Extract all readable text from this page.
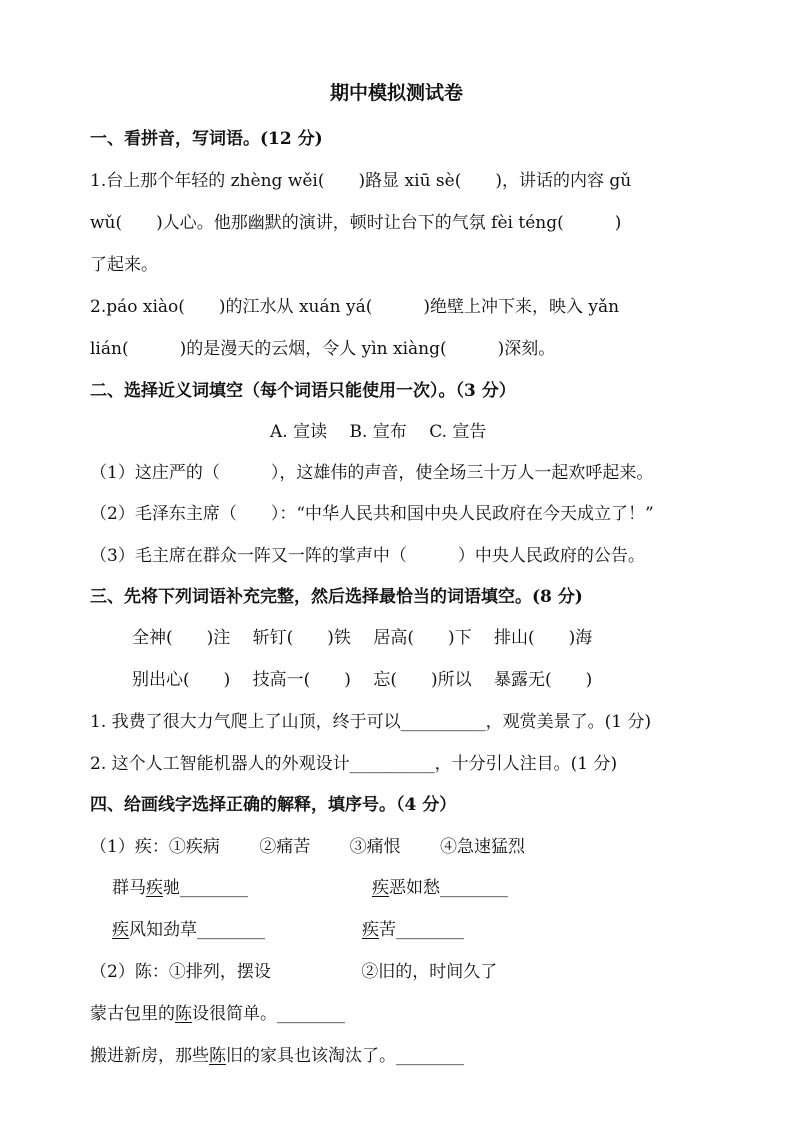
期中模拟测试卷
一、看拼音，写词语。(12 分)
1.台上那个年轻的 zhèng wěi(　　)路显 xiū sè(　　)，讲话的内容 gǔ
wǔ(　　)人心。他那幽默的演讲，顿时让台下的气氛 fèi téng(　　　)
了起来。
2.páo xiào(　　)的江水从 xuán yá(　　　)绝壁上冲下来，映入 yǎn
lián(　　　)的是漫天的云烟，令人 yìn xiàng(　　　)深刻。
二、选择近义词填空（每个词语只能使用一次）。（3 分）
A. 宣读　 B. 宣布　 C. 宣告
（1）这庄严的（　　　），这雄伟的声音，使全场三十万人一起欢呼起来。
（2）毛泽东主席（　　）：“中华人民共和国中央人民政府在今天成立了！”
（3）毛主席在群众一阵又一阵的掌声中（　　　）中央人民政府的公告。
三、先将下列词语补充完整，然后选择最恰当的词语填空。(8 分)
全神(　　)注　 斩钉(　　)铁　 居高(　　)下　 排山(　　)海
别出心(　　)　 技高一(　　)　 忘(　　)所以　 暴露无(　　)
1. 我费了很大力气爬上了山顶，终于可以__________，观赏美景了。(1 分)
2. 这个人工智能机器人的外观设计__________，十分引人注目。(1 分)
四、给画线字选择正确的解释，填序号。（4 分）
（1）疾：①疾病　　 ②痛苦　　 ③痛恨　　 ④急速猛烈
群马疾驰________	疾恶如愁________
疾风知劲草________	疾苦________
（2）陈：①排列，摆设　　　　　 ②旧的，时间久了
蒙古包里的陈设很简单。________
搬进新房，那些陈旧的家具也该淘汰了。________
